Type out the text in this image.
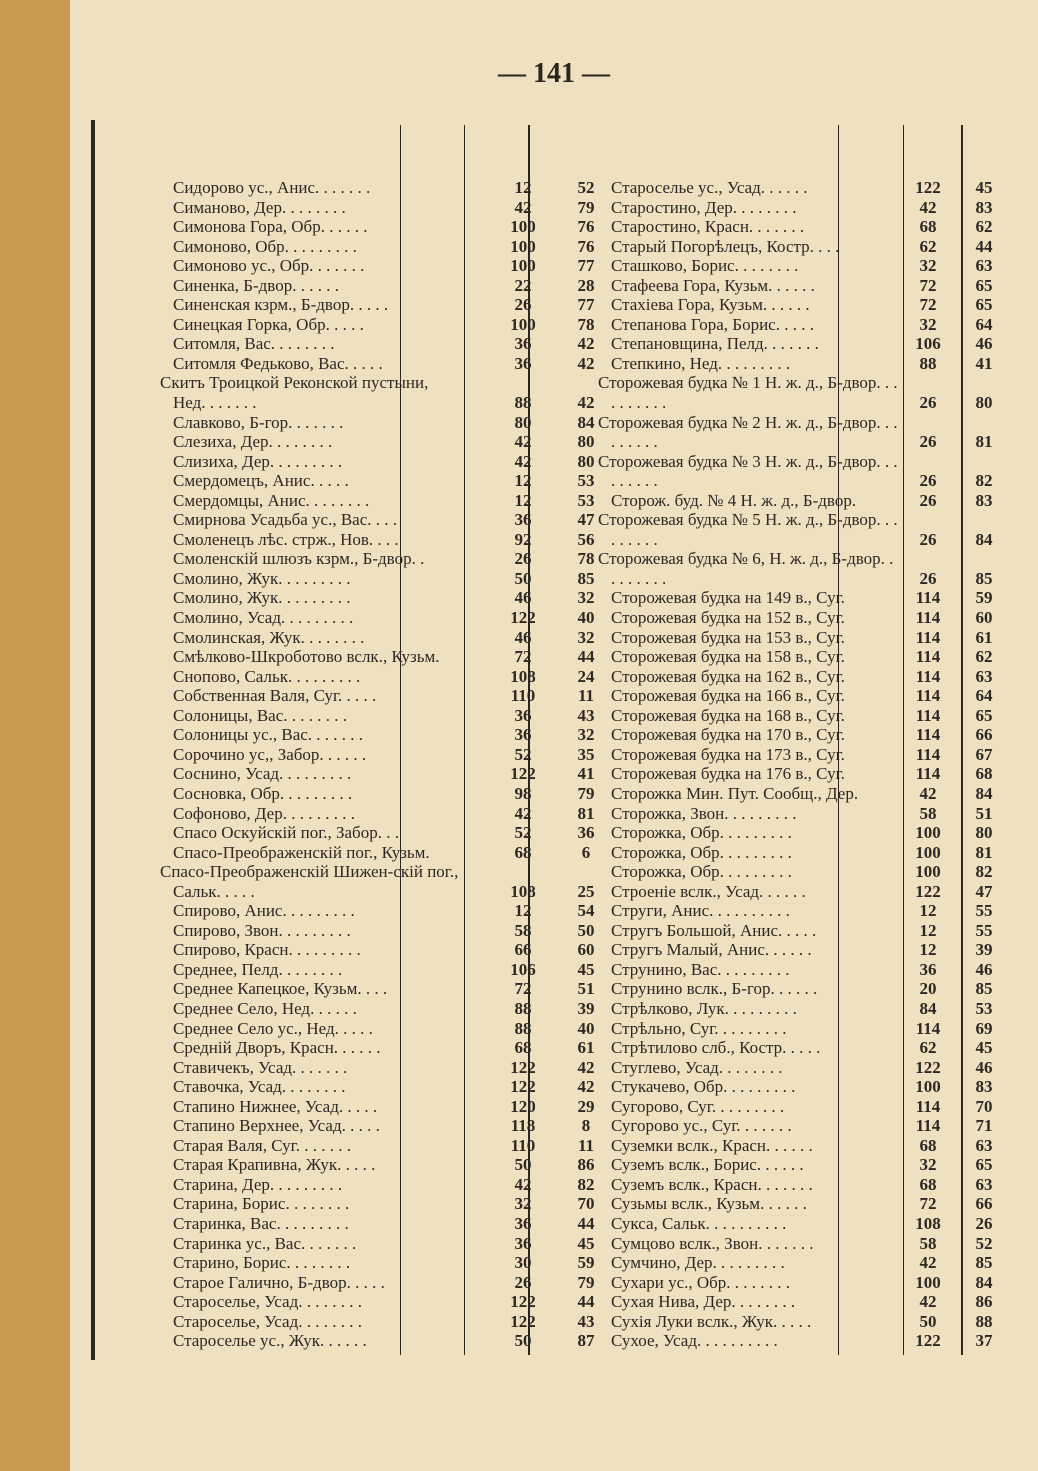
— 141 —
Сидорово ус., Анис. . . . . . .	12	52
Симаново, Дер. . . . . . . .	42	79
Симонова Гора, Обр. . . . . .	100	76
Симоново, Обр. . . . . . . . .	100	76
Симоново ус., Обр. . . . . . .	100	77
Синенка, Б-двор. . . . . .	22	28
Синенская кзрм., Б-двор. . . . .	26	77
Синецкая Горка, Обр. . . . .	100	78
Ситомля, Вас. . . . . . . .	36	42
Ситомля Федьково, Вас. . . . .	36	42
Скитъ Троицкой Реконской пустыни, Нед. . . . . . .	88	42
Славково, Б-гор. . . . . . .	80	84
Слезиха, Дер. . . . . . . .	42	80
Слизиха, Дер. . . . . . . . .	42	80
Смердомецъ, Анис. . . . .	12	53
Смердомцы, Анис. . . . . . . .	12	53
Смирнова Усадьба ус., Вас. . . .	36	47
Смоленецъ лѣс. стрж., Нов. . . .	92	56
Смоленскій шлюзъ кзрм., Б-двор. .	26	78
Смолино, Жук. . . . . . . . .	50	85
Смолино, Жук. . . . . . . . .	46	32
Смолино, Усад. . . . . . . . .	122	40
Смолинская, Жук. . . . . . . .	46	32
Смѣлково-Шкроботово вслк., Кузьм.	72	44
Снопово, Сальк. . . . . . . . .	108	24
Собственная Валя, Суг. . . . .	110	11
Солоницы, Вас. . . . . . . .	36	43
Солоницы ус., Вас. . . . . . .	36	32
Сорочино ус,, Забор. . . . . .	52	35
Соснино, Усад. . . . . . . . .	122	41
Сосновка, Обр. . . . . . . . .	98	79
Софоново, Дер. . . . . . . . .	42	81
Спасо Оскуйскій пог., Забор. . .	52	36
Спасо-Преображенскій пог., Кузьм.	68	6
Спасо-Преображенскій Шижен-скій пог., Сальк. . . . .	108	25
Спирово, Анис. . . . . . . . .	12	54
Спирово, Звон. . . . . . . . .	58	50
Спирово, Красн. . . . . . . . .	66	60
Среднее, Пелд. . . . . . . .	106	45
Среднее Капецкое, Кузьм. . . .	72	51
Среднее Село, Нед. . . . . .	88	39
Среднее Село ус., Нед. . . . .	88	40
Средній Дворъ, Красн. . . . . .	68	61
Ставичекъ, Усад. . . . . . .	122	42
Ставочка, Усад. . . . . . . .	122	42
Стапино Нижнее, Усад. . . . .	120	29
Стапино Верхнее, Усад. . . . .	118	8
Старая Валя, Суг. . . . . . .	110	11
Старая Крапивна, Жук. . . . .	50	86
Старина, Дер. . . . . . . . .	42	82
Старина, Борис. . . . . . . .	32	70
Старинка, Вас. . . . . . . . .	36	44
Старинка ус., Вас. . . . . . .	36	45
Старино, Борис. . . . . . . .	30	59
Старое Галично, Б-двор. . . . .	26	79
Староселье, Усад. . . . . . . .	122	44
Староселье, Усад. . . . . . . .	122	43
Староселье ус., Жук. . . . . .	50	87
Староселье ус., Усад. . . . . .	122	45
Старостино, Дер. . . . . . . .	42	83
Старостино, Красн. . . . . . .	68	62
Старый Погорѣлецъ, Костр. . . .	62	44
Сташково, Борис. . . . . . . .	32	63
Стафеева Гора, Кузьм. . . . . .	72	65
Стахіева Гора, Кузьм. . . . . .	72	65
Степанова Гора, Борис. . . . .	32	64
Степановщина, Пелд. . . . . . .	106	46
Степкино, Нед. . . . . . . . .	88	41
Сторожевая будка № 1 Н. ж. д., Б-двор. . . . . . . . . .	26	80
Сторожевая будка № 2 Н. ж. д., Б-двор. . . . . . . . .	26	81
Сторожевая будка № 3 Н. ж. д., Б-двор. . . . . . . . .	26	82
Сторож. буд. № 4 Н. ж. д., Б-двор.	26	83
Сторожевая будка № 5 Н. ж. д., Б-двор. . . . . . . . .	26	84
Сторожевая будка № 6, Н. ж. д., Б-двор. . . . . . . . .	26	85
Сторожевая будка на 149 в., Суг.	114	59
Сторожевая будка на 152 в., Суг.	114	60
Сторожевая будка на 153 в., Суг.	114	61
Сторожевая будка на 158 в., Суг.	114	62
Сторожевая будка на 162 в., Суг.	114	63
Сторожевая будка на 166 в., Суг.	114	64
Сторожевая будка на 168 в., Суг.	114	65
Сторожевая будка на 170 в., Суг.	114	66
Сторожевая будка на 173 в., Суг.	114	67
Сторожевая будка на 176 в., Суг.	114	68
Сторожка Мин. Пут. Сообщ., Дер.	42	84
Сторожка, Звон. . . . . . . . .	58	51
Сторожка, Обр. . . . . . . . .	100	80
Сторожка, Обр. . . . . . . . .	100	81
Сторожка, Обр. . . . . . . . .	100	82
Строеніе вслк., Усад. . . . . .	122	47
Струги, Анис. . . . . . . . . .	12	55
Стругъ Большой, Анис. . . . .	12	55
Стругъ Малый, Анис. . . . . .	12	39
Струнино, Вас. . . . . . . . .	36	46
Струнино вслк., Б-гор. . . . . .	20	85
Стрѣлково, Лук. . . . . . . . .	84	53
Стрѣльно, Суг. . . . . . . . .	114	69
Стрѣтилово слб., Костр. . . . .	62	45
Стуглево, Усад. . . . . . . .	122	46
Стукачево, Обр. . . . . . . . .	100	83
Сугорово, Суг. . . . . . . . .	114	70
Сугорово ус., Суг. . . . . . .	114	71
Суземки вслк., Красн. . . . . .	68	63
Суземъ вслк., Борис. . . . . .	32	65
Суземъ вслк., Красн. . . . . . .	68	63
Сузьмы вслк., Кузьм. . . . . .	72	66
Сукса, Сальк. . . . . . . . . .	108	26
Сумцово вслк., Звон. . . . . . .	58	52
Сумчино, Дер. . . . . . . . .	42	85
Сухари ус., Обр. . . . . . . .	100	84
Сухая Нива, Дер. . . . . . . .	42	86
Сухія Луки вслк., Жук. . . . .	50	88
Сухое, Усад. . . . . . . . . .	122	37
